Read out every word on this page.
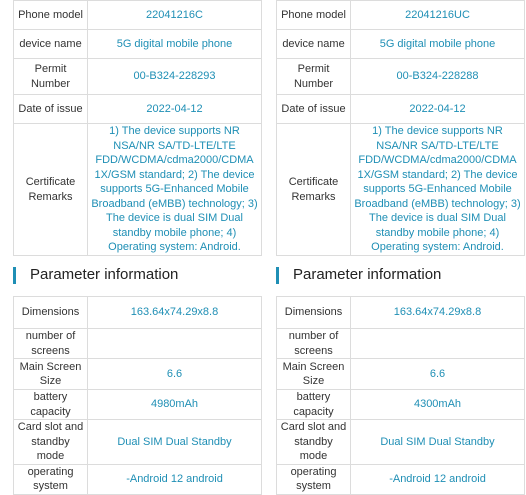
Phone model	22041216C
device name	5G digital mobile phone
Permit Number	00-B324-228293
Date of issue	2022-04-12
Certificate Remarks	1) The device supports NR NSA/NR SA/TD-LTE/LTE FDD/WCDMA/cdma2000/CDMA 1X/GSM standard; 2) The device supports 5G-Enhanced Mobile Broadband (eMBB) technology; 3) The device is dual SIM Dual standby mobile phone; 4) Operating system: Android.
Parameter information
Dimensions	163.64x74.29x8.8
number of screens	
Main Screen Size	6.6
battery capacity	4980mAh
Card slot and standby mode	Dual SIM Dual Standby
operating system	-Android 12 android
Phone model	22041216UC
device name	5G digital mobile phone
Permit Number	00-B324-228288
Date of issue	2022-04-12
Certificate Remarks	1) The device supports NR NSA/NR SA/TD-LTE/LTE FDD/WCDMA/cdma2000/CDMA 1X/GSM standard; 2) The device supports 5G-Enhanced Mobile Broadband (eMBB) technology; 3) The device is dual SIM Dual standby mobile phone; 4) Operating system: Android.
Parameter information
Dimensions	163.64x74.29x8.8
number of screens	
Main Screen Size	6.6
battery capacity	4300mAh
Card slot and standby mode	Dual SIM Dual Standby
operating system	-Android 12 android
